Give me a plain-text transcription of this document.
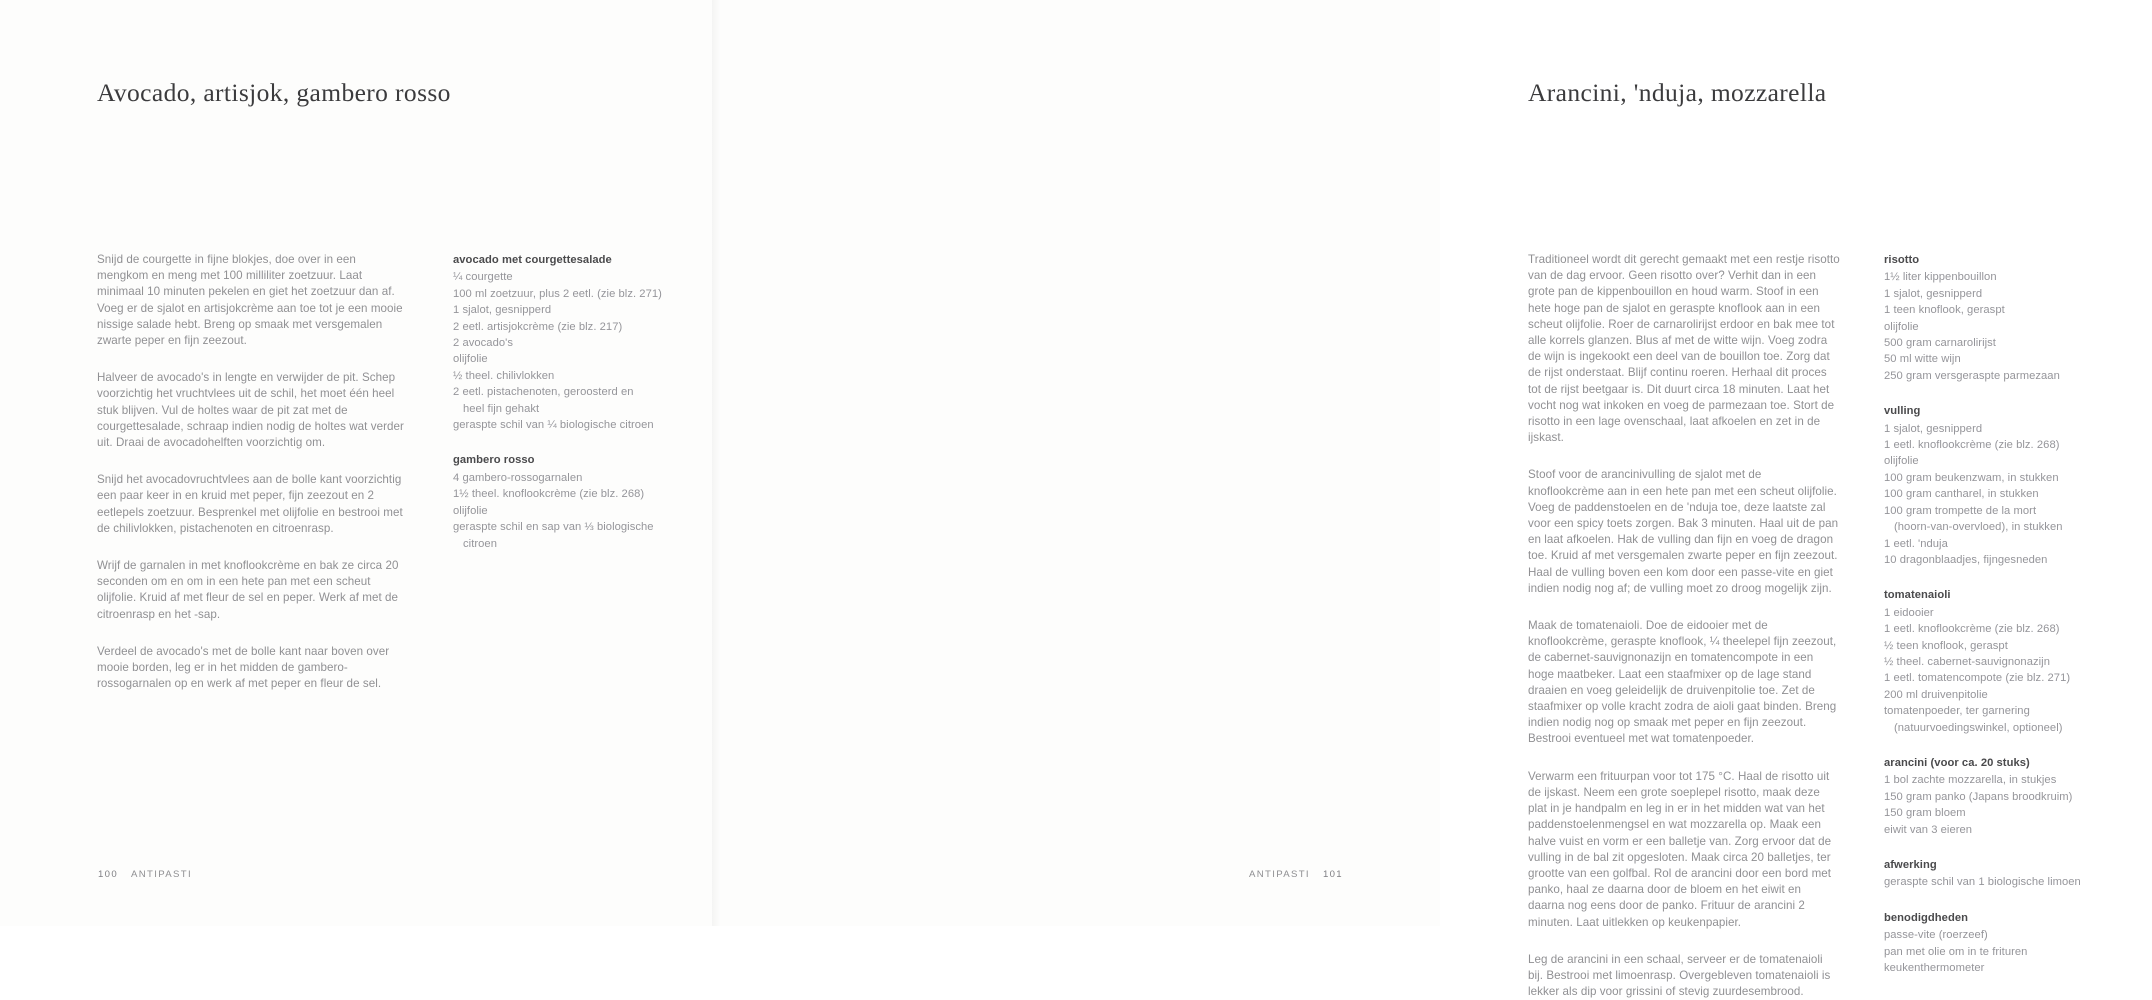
Avocado, artisjok, gambero rosso

Snijd de courgette in fijne blokjes, doe over in een mengkom en meng met 100 milliliter zoetzuur. Laat minimaal 10 minuten pekelen en giet het zoetzuur dan af. Voeg er de sjalot en artisjokcrème aan toe tot je een mooie nissige salade hebt. Breng op smaak met versgemalen zwarte peper en fijn zeezout.

Halveer de avocado's in lengte en verwijder de pit. Schep voorzichtig het vruchtvlees uit de schil, het moet één heel stuk blijven. Vul de holtes waar de pit zat met de courgettesalade, schraap indien nodig de holtes wat verder uit. Draai de avocadohelften voorzichtig om.

Snijd het avocadovruchtvlees aan de bolle kant voorzichtig een paar keer in en kruid met peper, fijn zeezout en 2 eetlepels zoetzuur. Besprenkel met olijfolie en bestrooi met de chilivlokken, pistachenoten en citroenrasp.

Wrijf de garnalen in met knoflookcrème en bak ze circa 20 seconden om en om in een hete pan met een scheut olijfolie. Kruid af met fleur de sel en peper. Werk af met de citroenrasp en het -sap.

Verdeel de avocado's met de bolle kant naar boven over mooie borden, leg er in het midden de gambero-rossogarnalen op en werk af met peper en fleur de sel.

avocado met courgettesalade
¼ courgette
100 ml zoetzuur, plus 2 eetl. (zie blz. 271)
1 sjalot, gesnipperd
2 eetl. artisjokcrème (zie blz. 217)
2 avocado's
olijfolie
½ theel. chilivlokken
2 eetl. pistachenoten, geroosterd en
heel fijn gehakt
geraspte schil van ¼ biologische citroen
gambero rosso
4 gambero-rossogarnalen
1½ theel. knoflookcrème (zie blz. 268)
olijfolie
geraspte schil en sap van ⅓ biologische
citroen
100 ANTIPASTI
Arancini, 'nduja, mozzarella

Traditioneel wordt dit gerecht gemaakt met een restje risotto van de dag ervoor. Geen risotto over? Verhit dan in een grote pan de kippenbouillon en houd warm. Stoof in een hete hoge pan de sjalot en geraspte knoflook aan in een scheut olijfolie. Roer de carnarolirijst erdoor en bak mee tot alle korrels glanzen. Blus af met de witte wijn. Voeg zodra de wijn is ingekookt een deel van de bouillon toe. Zorg dat de rijst onderstaat. Blijf continu roeren. Herhaal dit proces tot de rijst beetgaar is. Dit duurt circa 18 minuten. Laat het vocht nog wat inkoken en voeg de parmezaan toe. Stort de risotto in een lage ovenschaal, laat afkoelen en zet in de ijskast.

Stoof voor de arancinivulling de sjalot met de knoflookcrème aan in een hete pan met een scheut olijfolie. Voeg de paddenstoelen en de 'nduja toe, deze laatste zal voor een spicy toets zorgen. Bak 3 minuten. Haal uit de pan en laat afkoelen. Hak de vulling dan fijn en voeg de dragon toe. Kruid af met versgemalen zwarte peper en fijn zeezout. Haal de vulling boven een kom door een passe-vite en giet indien nodig nog af; de vulling moet zo droog mogelijk zijn.

Maak de tomatenaioli. Doe de eidooier met de knoflookcrème, geraspte knoflook, ¼ theelepel fijn zeezout, de cabernet-sauvignonazijn en tomatencompote in een hoge maatbeker. Laat een staafmixer op de lage stand draaien en voeg geleidelijk de druivenpitolie toe. Zet de staafmixer op volle kracht zodra de aioli gaat binden. Breng indien nodig nog op smaak met peper en fijn zeezout. Bestrooi eventueel met wat tomatenpoeder.

Verwarm een frituurpan voor tot 175 °C. Haal de risotto uit de ijskast. Neem een grote soeplepel risotto, maak deze plat in je handpalm en leg in er in het midden wat van het paddenstoelenmengsel en wat mozzarella op. Maak een halve vuist en vorm er een balletje van. Zorg ervoor dat de vulling in de bal zit opgesloten. Maak circa 20 balletjes, ter grootte van een golfbal. Rol de arancini door een bord met panko, haal ze daarna door de bloem en het eiwit en daarna nog eens door de panko. Frituur de arancini 2 minuten. Laat uitlekken op keukenpapier.

Leg de arancini in een schaal, serveer er de tomatenaioli bij. Bestrooi met limoenrasp. Overgebleven tomatenaioli is lekker als dip voor grissini of stevig zuurdesembrood.

risotto
1½ liter kippenbouillon
1 sjalot, gesnipperd
1 teen knoflook, geraspt
olijfolie
500 gram carnarolirijst
50 ml witte wijn
250 gram versgeraspte parmezaan
vulling
1 sjalot, gesnipperd
1 eetl. knoflookcrème (zie blz. 268)
olijfolie
100 gram beukenzwam, in stukken
100 gram cantharel, in stukken
100 gram trompette de la mort
(hoorn-van-overvloed), in stukken
1 eetl. 'nduja
10 dragonblaadjes, fijngesneden
tomatenaioli
1 eidooier
1 eetl. knoflookcrème (zie blz. 268)
½ teen knoflook, geraspt
½ theel. cabernet-sauvignonazijn
1 eetl. tomatencompote (zie blz. 271)
200 ml druivenpitolie
tomatenpoeder, ter garnering
(natuurvoedingswinkel, optioneel)
arancini (voor ca. 20 stuks)
1 bol zachte mozzarella, in stukjes
150 gram panko (Japans broodkruim)
150 gram bloem
eiwit van 3 eieren
afwerking
geraspte schil van 1 biologische limoen
benodigdheden
passe-vite (roerzeef)
pan met olie om in te frituren
keukenthermometer
ANTIPASTI 101
